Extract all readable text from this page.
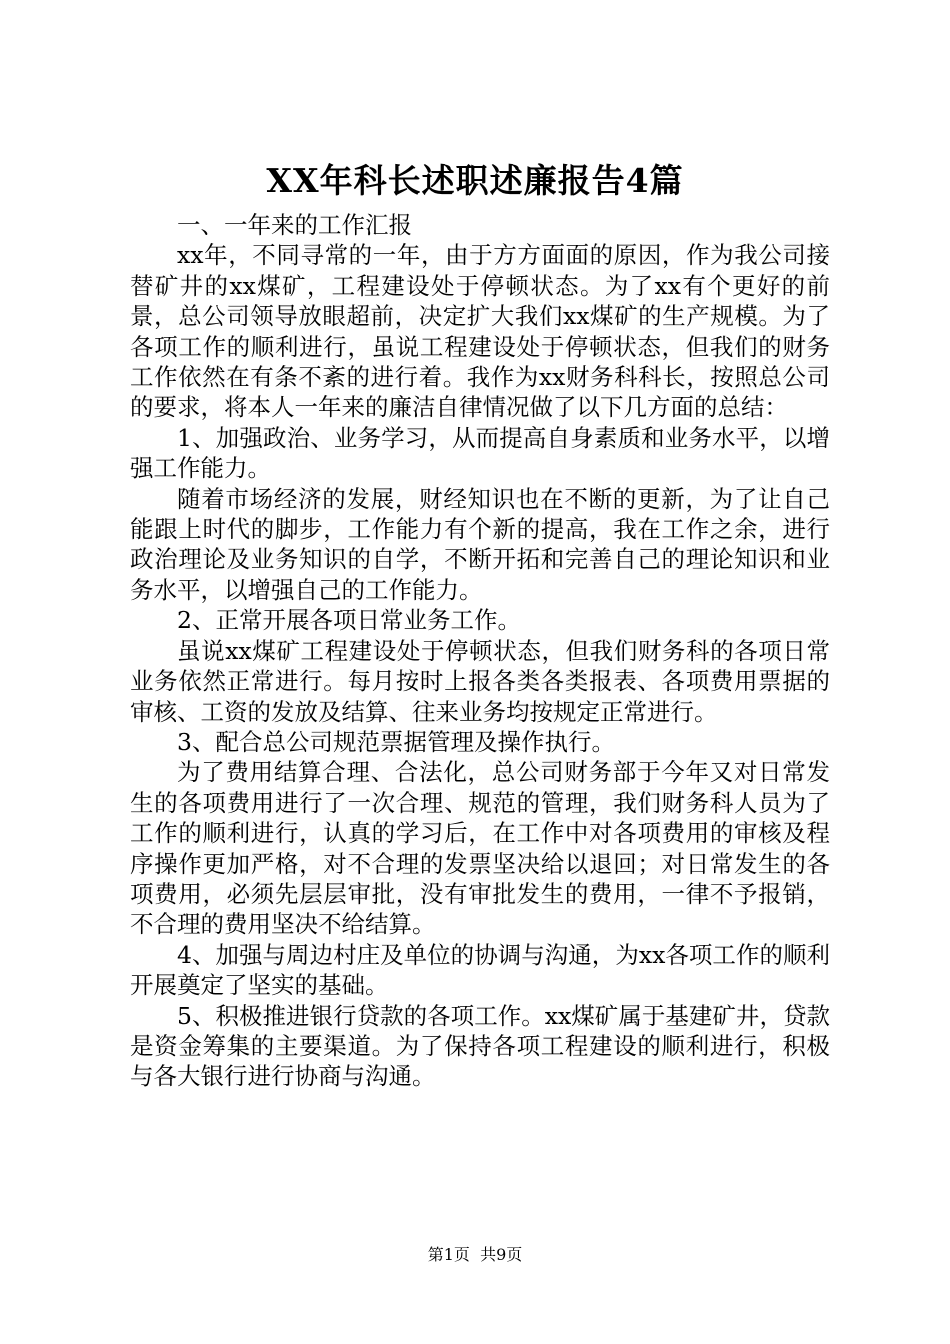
XX年科长述职述廉报告4篇

一、一年来的工作汇报

xx年，不同寻常的一年，由于方方面面的原因，作为我公司接替矿井的xx煤矿，工程建设处于停顿状态。为了xx有个更好的前景，总公司领导放眼超前，决定扩大我们xx煤矿的生产规模。为了各项工作的顺利进行，虽说工程建设处于停顿状态，但我们的财务工作依然在有条不紊的进行着。我作为xx财务科科长，按照总公司的要求，将本人一年来的廉洁自律情况做了以下几方面的总结：

1、加强政治、业务学习，从而提高自身素质和业务水平，以增强工作能力。

随着市场经济的发展，财经知识也在不断的更新，为了让自己能跟上时代的脚步，工作能力有个新的提高，我在工作之余，进行政治理论及业务知识的自学，不断开拓和完善自己的理论知识和业务水平，以增强自己的工作能力。

2、正常开展各项日常业务工作。

虽说xx煤矿工程建设处于停顿状态，但我们财务科的各项日常业务依然正常进行。每月按时上报各类各类报表、各项费用票据的审核、工资的发放及结算、往来业务均按规定正常进行。

3、配合总公司规范票据管理及操作执行。

为了费用结算合理、合法化，总公司财务部于今年又对日常发生的各项费用进行了一次合理、规范的管理，我们财务科人员为了工作的顺利进行，认真的学习后，在工作中对各项费用的审核及程序操作更加严格，对不合理的发票坚决给以退回；对日常发生的各项费用，必须先层层审批，没有审批发生的费用，一律不予报销，不合理的费用坚决不给结算。

4、加强与周边村庄及单位的协调与沟通，为xx各项工作的顺利开展奠定了坚实的基础。

5、积极推进银行贷款的各项工作。xx煤矿属于基建矿井，贷款是资金筹集的主要渠道。为了保持各项工程建设的顺利进行，积极与各大银行进行协商与沟通。

第1页 共9页
